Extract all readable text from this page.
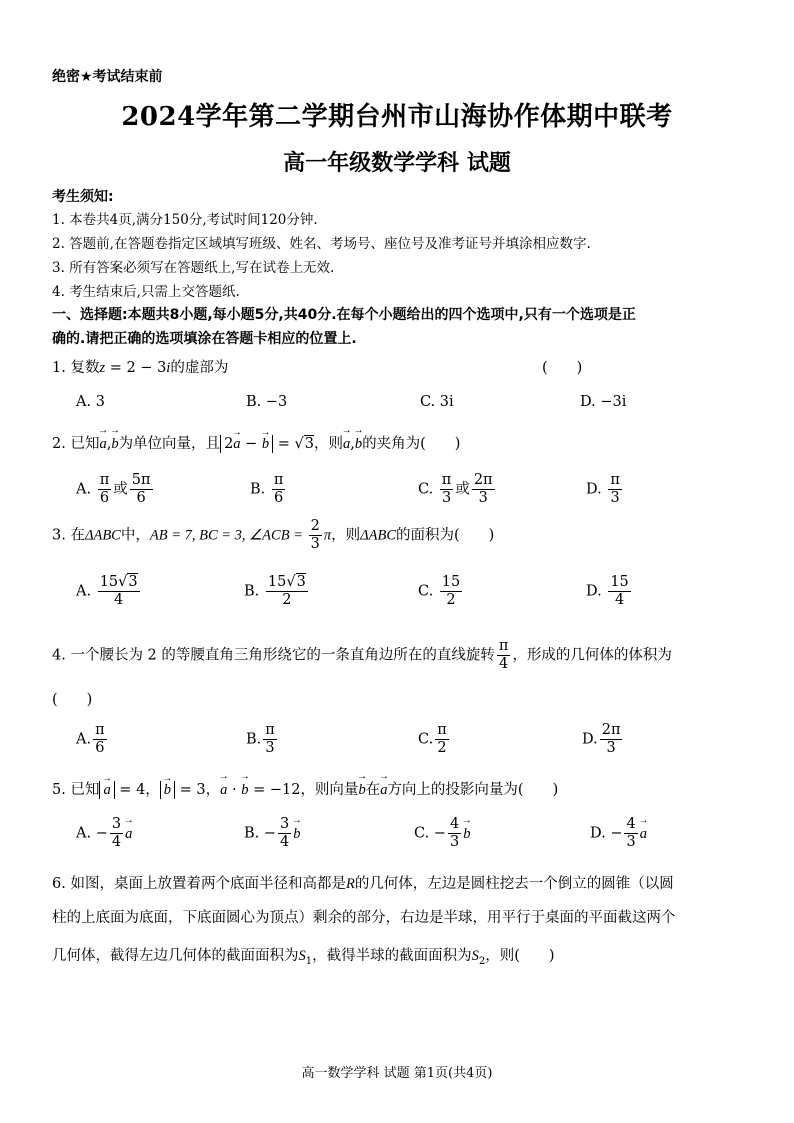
绝密★考试结束前
2024学年第二学期台州市山海协作体期中联考
高一年级数学学科 试题
考生须知:
1. 本卷共4页,满分150分,考试时间120分钟.
2. 答题前,在答题卷指定区域填写班级、姓名、考场号、座位号及准考证号并填涂相应数字.
3. 所有答案必须写在答题纸上,写在试卷上无效.
4. 考生结束后,只需上交答题纸.
一、选择题:本题共8小题,每小题5分,共40分.在每个小题给出的四个选项中,只有一个选项是正
确的.请把正确的选项填涂在答题卡相应的位置上.
1. 复数z = 2 − 3i的虚部为	(　　)
A. 3	B. −3	C. 3i	D. −3i
2. 已知→ a,→ b为单位向量，且 2→ a − → b = √3，则→ a,→ b的夹角为(　　)
A. $\frac{\pi}{6}$ 或 $\frac{5\pi}{6}$	B. $\frac{\pi}{6}$	C. $\frac{\pi}{3}$ 或 $\frac{2\pi}{3}$	D. $\frac{\pi}{3}$
3. 在ΔABC中，AB = 7, BC = 3, ∠ACB = $\frac{2}{3}$ π，则ΔABC的面积为(　　)
A. $\frac{15√3}{4}$	B. $\frac{15√3}{2}$	C. $\frac{15}{2}$	D. $\frac{15}{4}$
4. 一个腰长为 2 的等腰直角三角形绕它的一条直角边所在的直线旋转 $\frac{\pi}{4}$ ，形成的几何体的体积为
(　　)
A. $\frac{\pi}{6}$	B. $\frac{\pi}{3}$	C. $\frac{\pi}{2}$	D. $\frac{2\pi}{3}$
5. 已知→ a = 4，→ b = 3，→ a · → b = −12，则向量→ b在→ a方向上的投影向量为(　　)
A. − $\frac{3}{4}$
→ a	B. − $\frac{3}{4}$
→ b	C. − $\frac{4}{3}$
→ b	D. − $\frac{4}{3}$
→ a
6. 如图，桌面上放置着两个底面半径和高都是R的几何体，左边是圆柱挖去一个倒立的圆锥（以圆
柱的上底面为底面，下底面圆心为顶点）剩余的部分，右边是半球，用平行于桌面的平面截这两个
几何体，截得左边几何体的截面面积为$S_1$，截得半球的截面面积为$S_2$，则(　　)
高一数学学科 试题 第1页(共4页)
